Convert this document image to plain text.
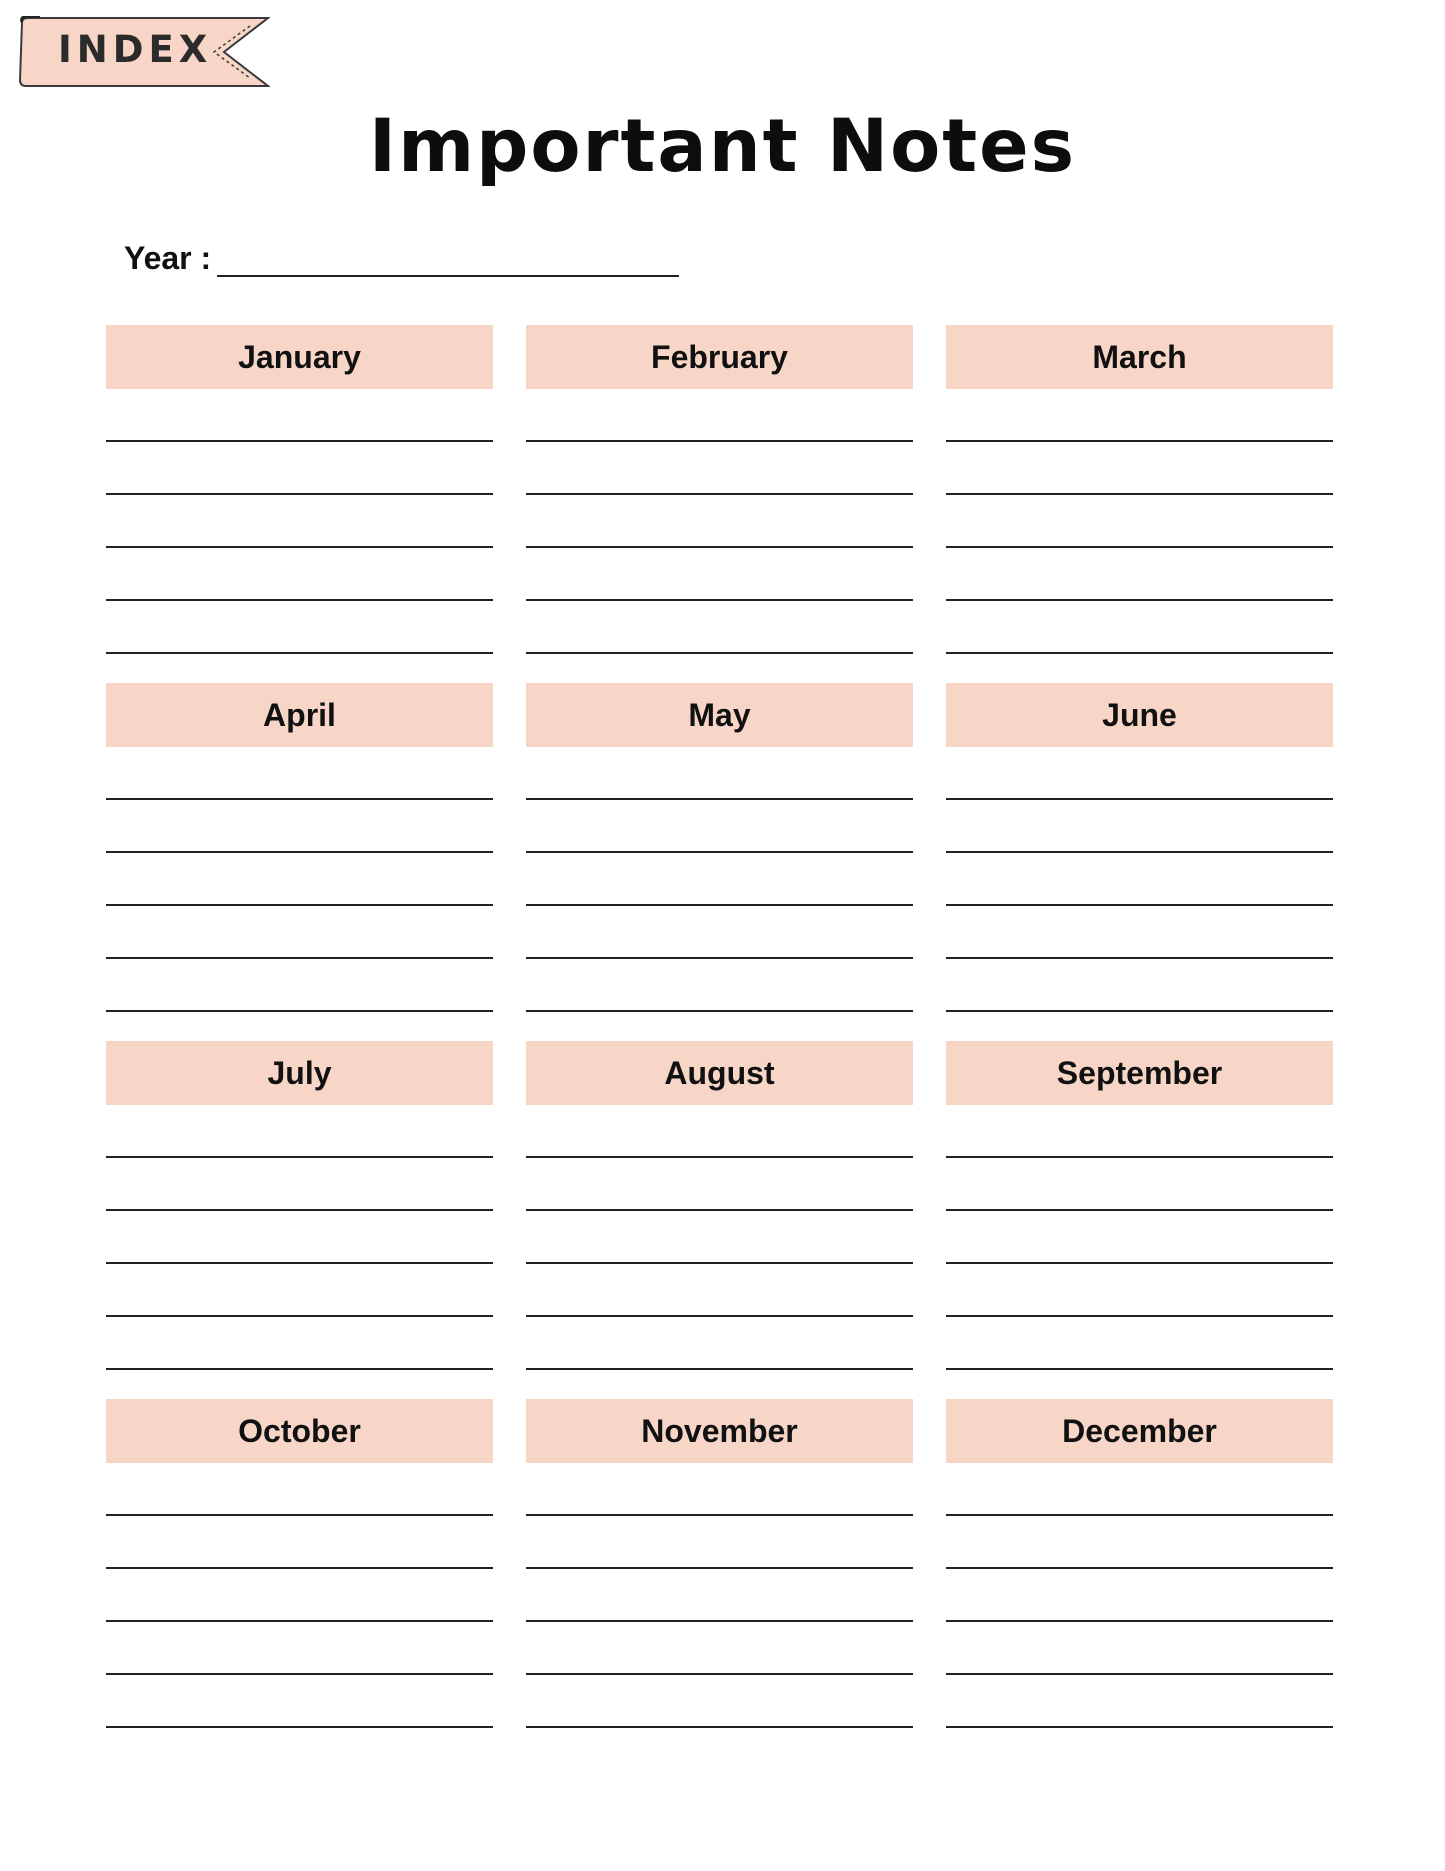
INDEX
Important Notes
Year :
January	February	March
April	May	June
July	August	September
October	November	December
